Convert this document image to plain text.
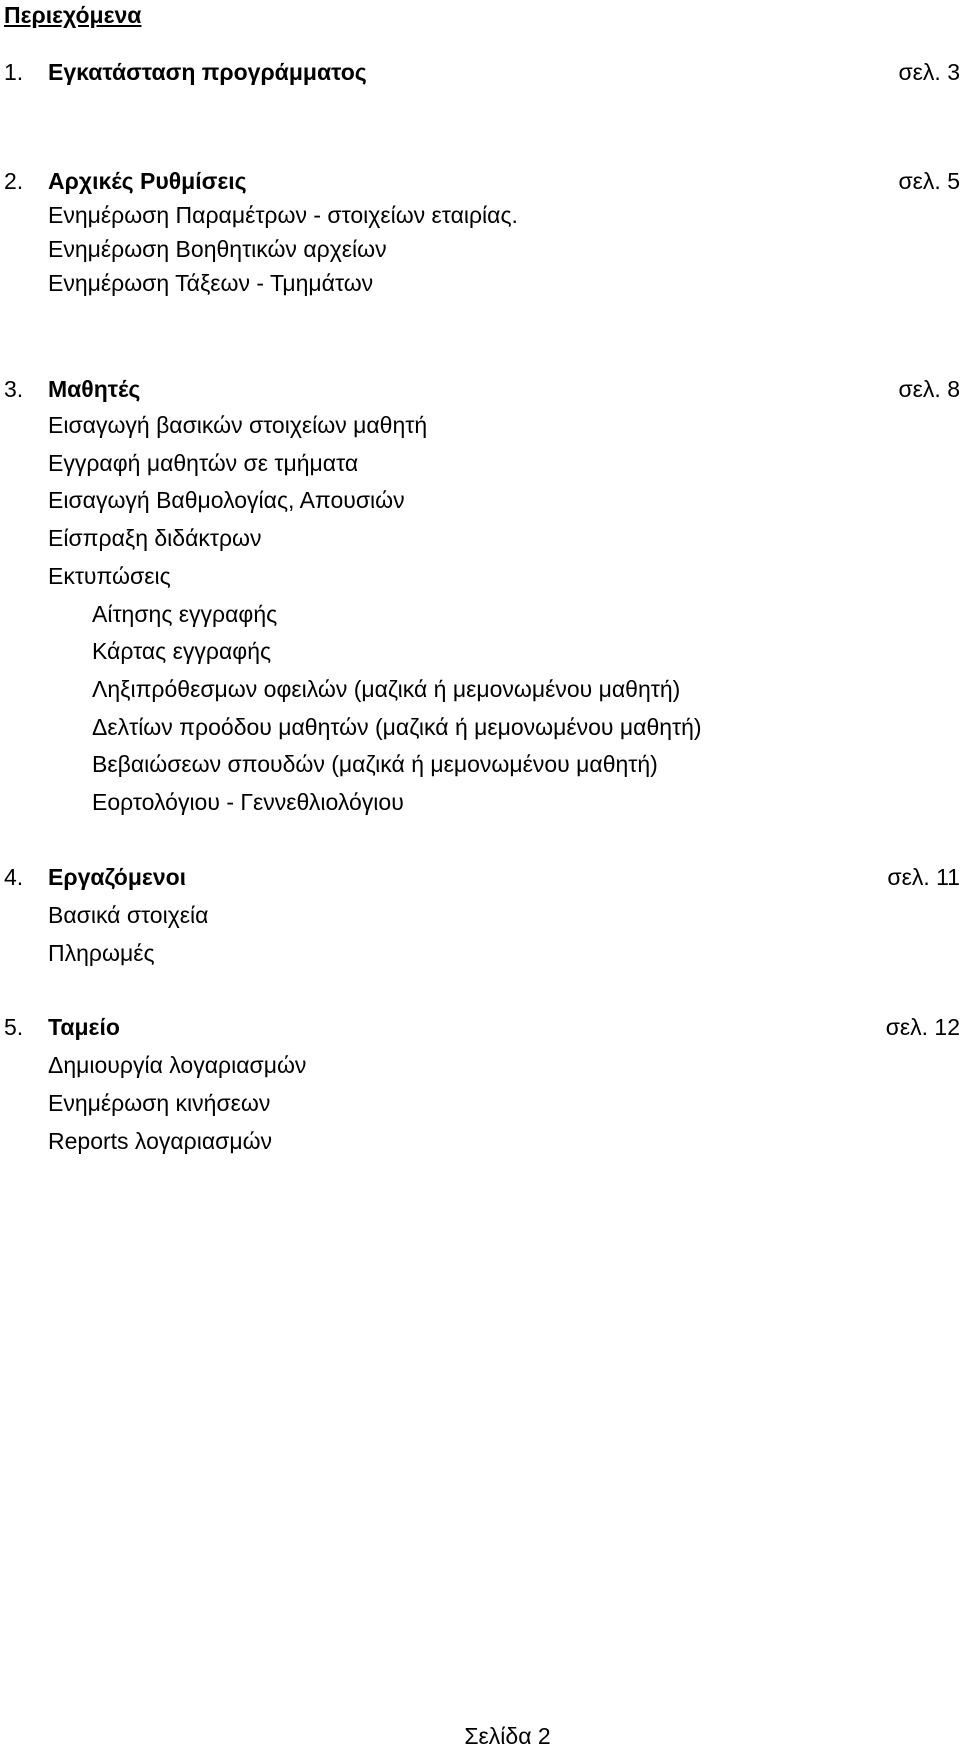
Περιεχόμενα
1. Εγκατάσταση προγράμματος	σελ. 3
2. Αρχικές Ρυθμίσεις	σελ. 5
Ενημέρωση Παραμέτρων - στοιχείων εταιρίας.
Ενημέρωση Βοηθητικών αρχείων
Ενημέρωση Τάξεων - Τμημάτων
3. Μαθητές	σελ. 8
Εισαγωγή βασικών στοιχείων μαθητή
Εγγραφή μαθητών σε τμήματα
Εισαγωγή Βαθμολογίας, Απουσιών
Είσπραξη διδάκτρων
Εκτυπώσεις
Αίτησης εγγραφής
Κάρτας εγγραφής
Ληξιπρόθεσμων οφειλών (μαζικά ή μεμονωμένου μαθητή)
Δελτίων προόδου μαθητών (μαζικά ή μεμονωμένου μαθητή)
Βεβαιώσεων σπουδών (μαζικά ή μεμονωμένου μαθητή)
Εορτολόγιου - Γεννεθλιολόγιου
4. Εργαζόμενοι	σελ. 11
Βασικά στοιχεία
Πληρωμές
5. Ταμείο	σελ. 12
Δημιουργία λογαριασμών
Ενημέρωση κινήσεων
Reports λογαριασμών
Σελίδα 2
